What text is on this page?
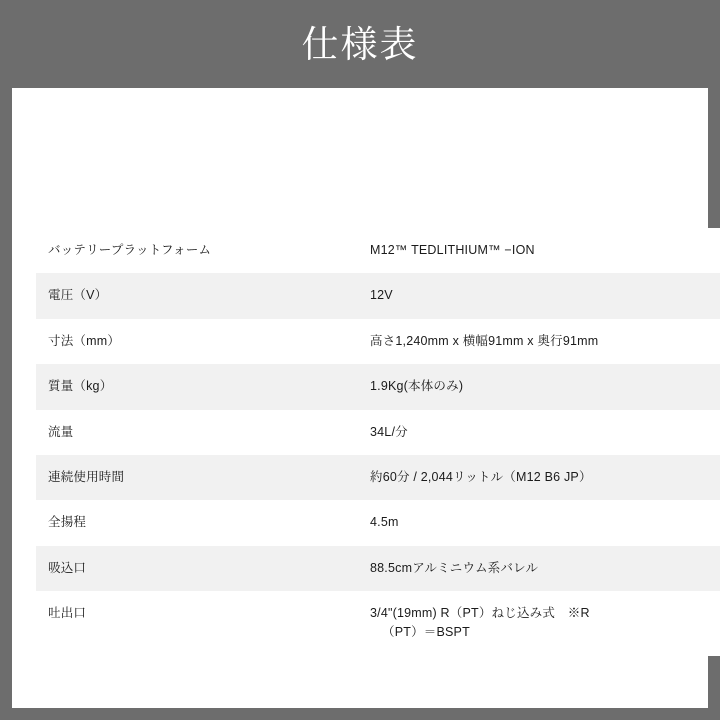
仕様表
バッテリープラットフォーム	M12™ TEDLITHIUM™ −ION
電圧（V）	12V
寸法（mm）	高さ1,240mm x 横幅91mm x 奥行91mm
質量（kg）	1.9Kg(本体のみ)
流量	34L/分
連続使用時間	約60分 / 2,044リットル（M12 B6 JP）
全揚程	4.5m
吸込口	88.5cmアルミニウム系バレル
吐出口	3/4"(19mm) R（PT）ねじ込み式　※R
（PT）＝BSPT
